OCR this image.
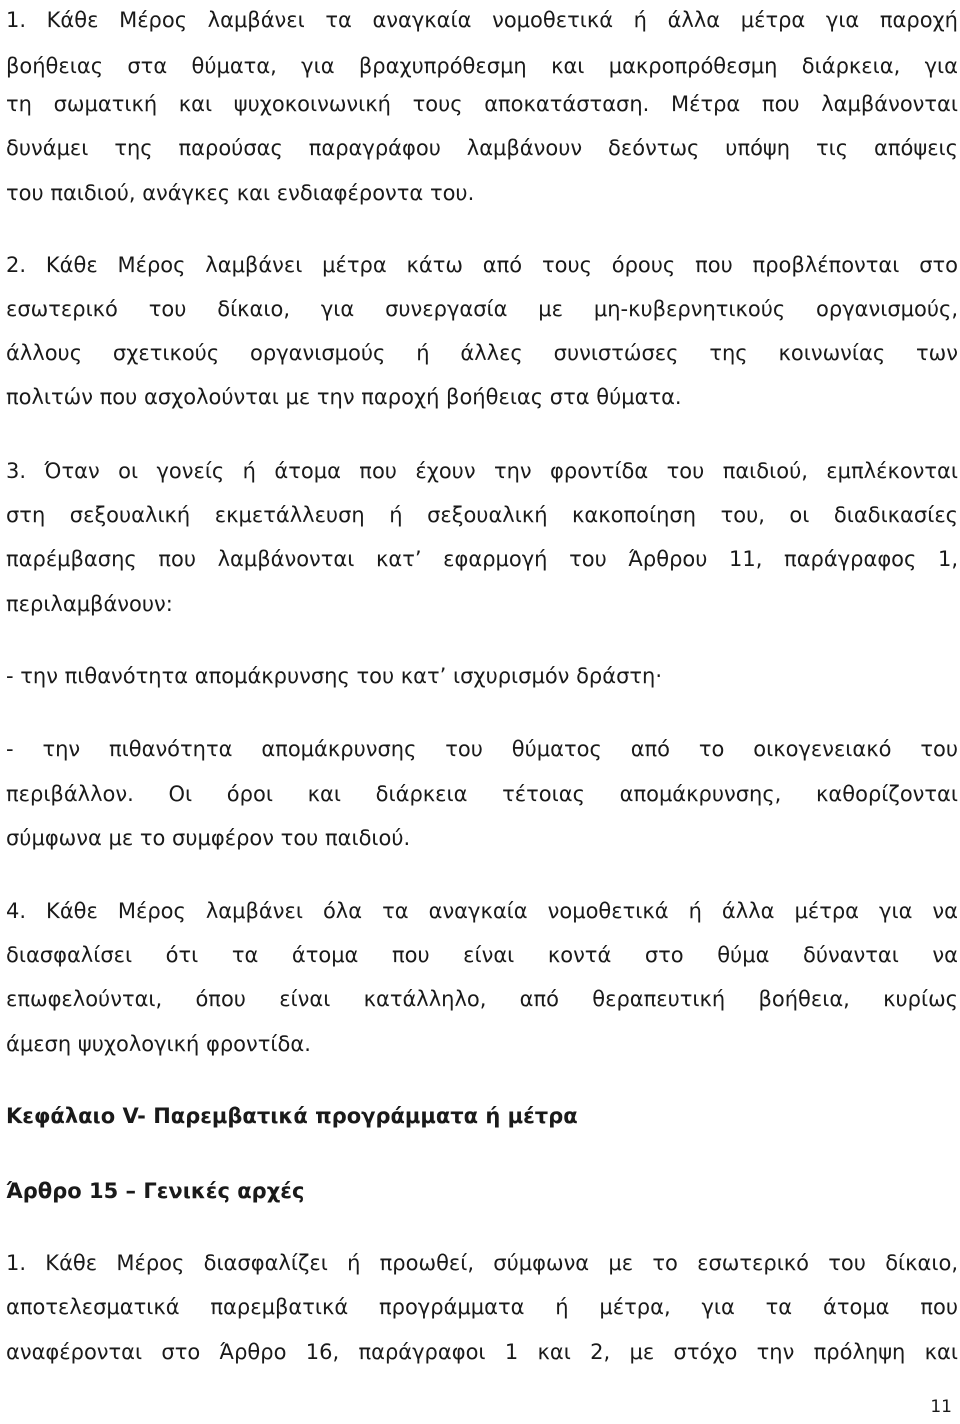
1. Κάθε Μέρος λαμβάνει τα αναγκαία νομοθετικά ή άλλα μέτρα για παροχή
βοήθειας στα θύματα, για βραχυπρόθεσμη και μακροπρόθεσμη διάρκεια, για
τη σωματική και ψυχοκοινωνική τους αποκατάσταση. Μέτρα που λαμβάνονται
δυνάμει της παρούσας παραγράφου λαμβάνουν δεόντως υπόψη τις απόψεις
του παιδιού, ανάγκες και ενδιαφέροντα του.
2. Κάθε Μέρος λαμβάνει μέτρα κάτω από τους όρους που προβλέπονται στο
εσωτερικό του δίκαιο, για συνεργασία με μη-κυβερνητικούς οργανισμούς,
άλλους σχετικούς οργανισμούς ή άλλες συνιστώσες της κοινωνίας των
πολιτών που ασχολούνται με την παροχή βοήθειας στα θύματα.
3. Όταν οι γονείς ή άτομα που έχουν την φροντίδα του παιδιού, εμπλέκονται
στη σεξουαλική εκμετάλλευση ή σεξουαλική κακοποίηση του, οι διαδικασίες
παρέμβασης που λαμβάνονται κατ’ εφαρμογή του Άρθρου 11, παράγραφος 1,
περιλαμβάνουν:
- την πιθανότητα απομάκρυνσης του κατ’ ισχυρισμόν δράστη·
- την πιθανότητα απομάκρυνσης του θύματος από το οικογενειακό του
περιβάλλον. Οι όροι και διάρκεια τέτοιας απομάκρυνσης, καθορίζονται
σύμφωνα με το συμφέρον του παιδιού.
4. Κάθε Μέρος λαμβάνει όλα τα αναγκαία νομοθετικά ή άλλα μέτρα για να
διασφαλίσει ότι τα άτομα που είναι κοντά στο θύμα δύνανται να
επωφελούνται, όπου είναι κατάλληλο, από θεραπευτική βοήθεια, κυρίως
άμεση ψυχολογική φροντίδα.
Κεφάλαιο V- Παρεμβατικά προγράμματα ή μέτρα
Άρθρο 15 – Γενικές αρχές
1. Κάθε Μέρος διασφαλίζει ή προωθεί, σύμφωνα με το εσωτερικό του δίκαιο,
αποτελεσματικά παρεμβατικά προγράμματα ή μέτρα, για τα άτομα που
αναφέρονται στο Άρθρο 16, παράγραφοι 1 και 2, με στόχο την πρόληψη και
11
